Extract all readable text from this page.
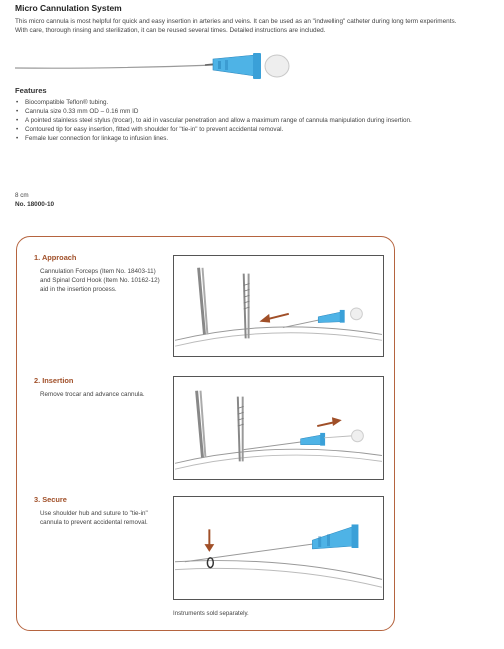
Micro Cannulation System
This micro cannula is most helpful for quick and easy insertion in arteries and veins. It can be used as an "indwelling" catheter during long term experiments. With care, thorough rinsing and sterilization, it can be reused several times. Detailed instructions are included.
Features
• Biocompatible Teflon® tubing.
• Cannula size 0.33 mm OD – 0.16 mm ID
• A pointed stainless steel stylus (trocar), to aid in vascular penetration and allow a maximum range of cannula manipulation during insertion.
• Contoured tip for easy insertion, fitted with shoulder for "tie-in" to prevent accidental removal.
• Female luer connection for linkage to infusion lines.
8 cm
No. 18000-10
1. Approach
Cannulation Forceps (Item No. 18403-11) and Spinal Cord Hook (Item No. 10162-12) aid in the insertion process.
2. Insertion
Remove trocar and advance cannula.
3. Secure
Use shoulder hub and suture to "tie-in" cannula to prevent accidental removal.
Instruments sold separately.
